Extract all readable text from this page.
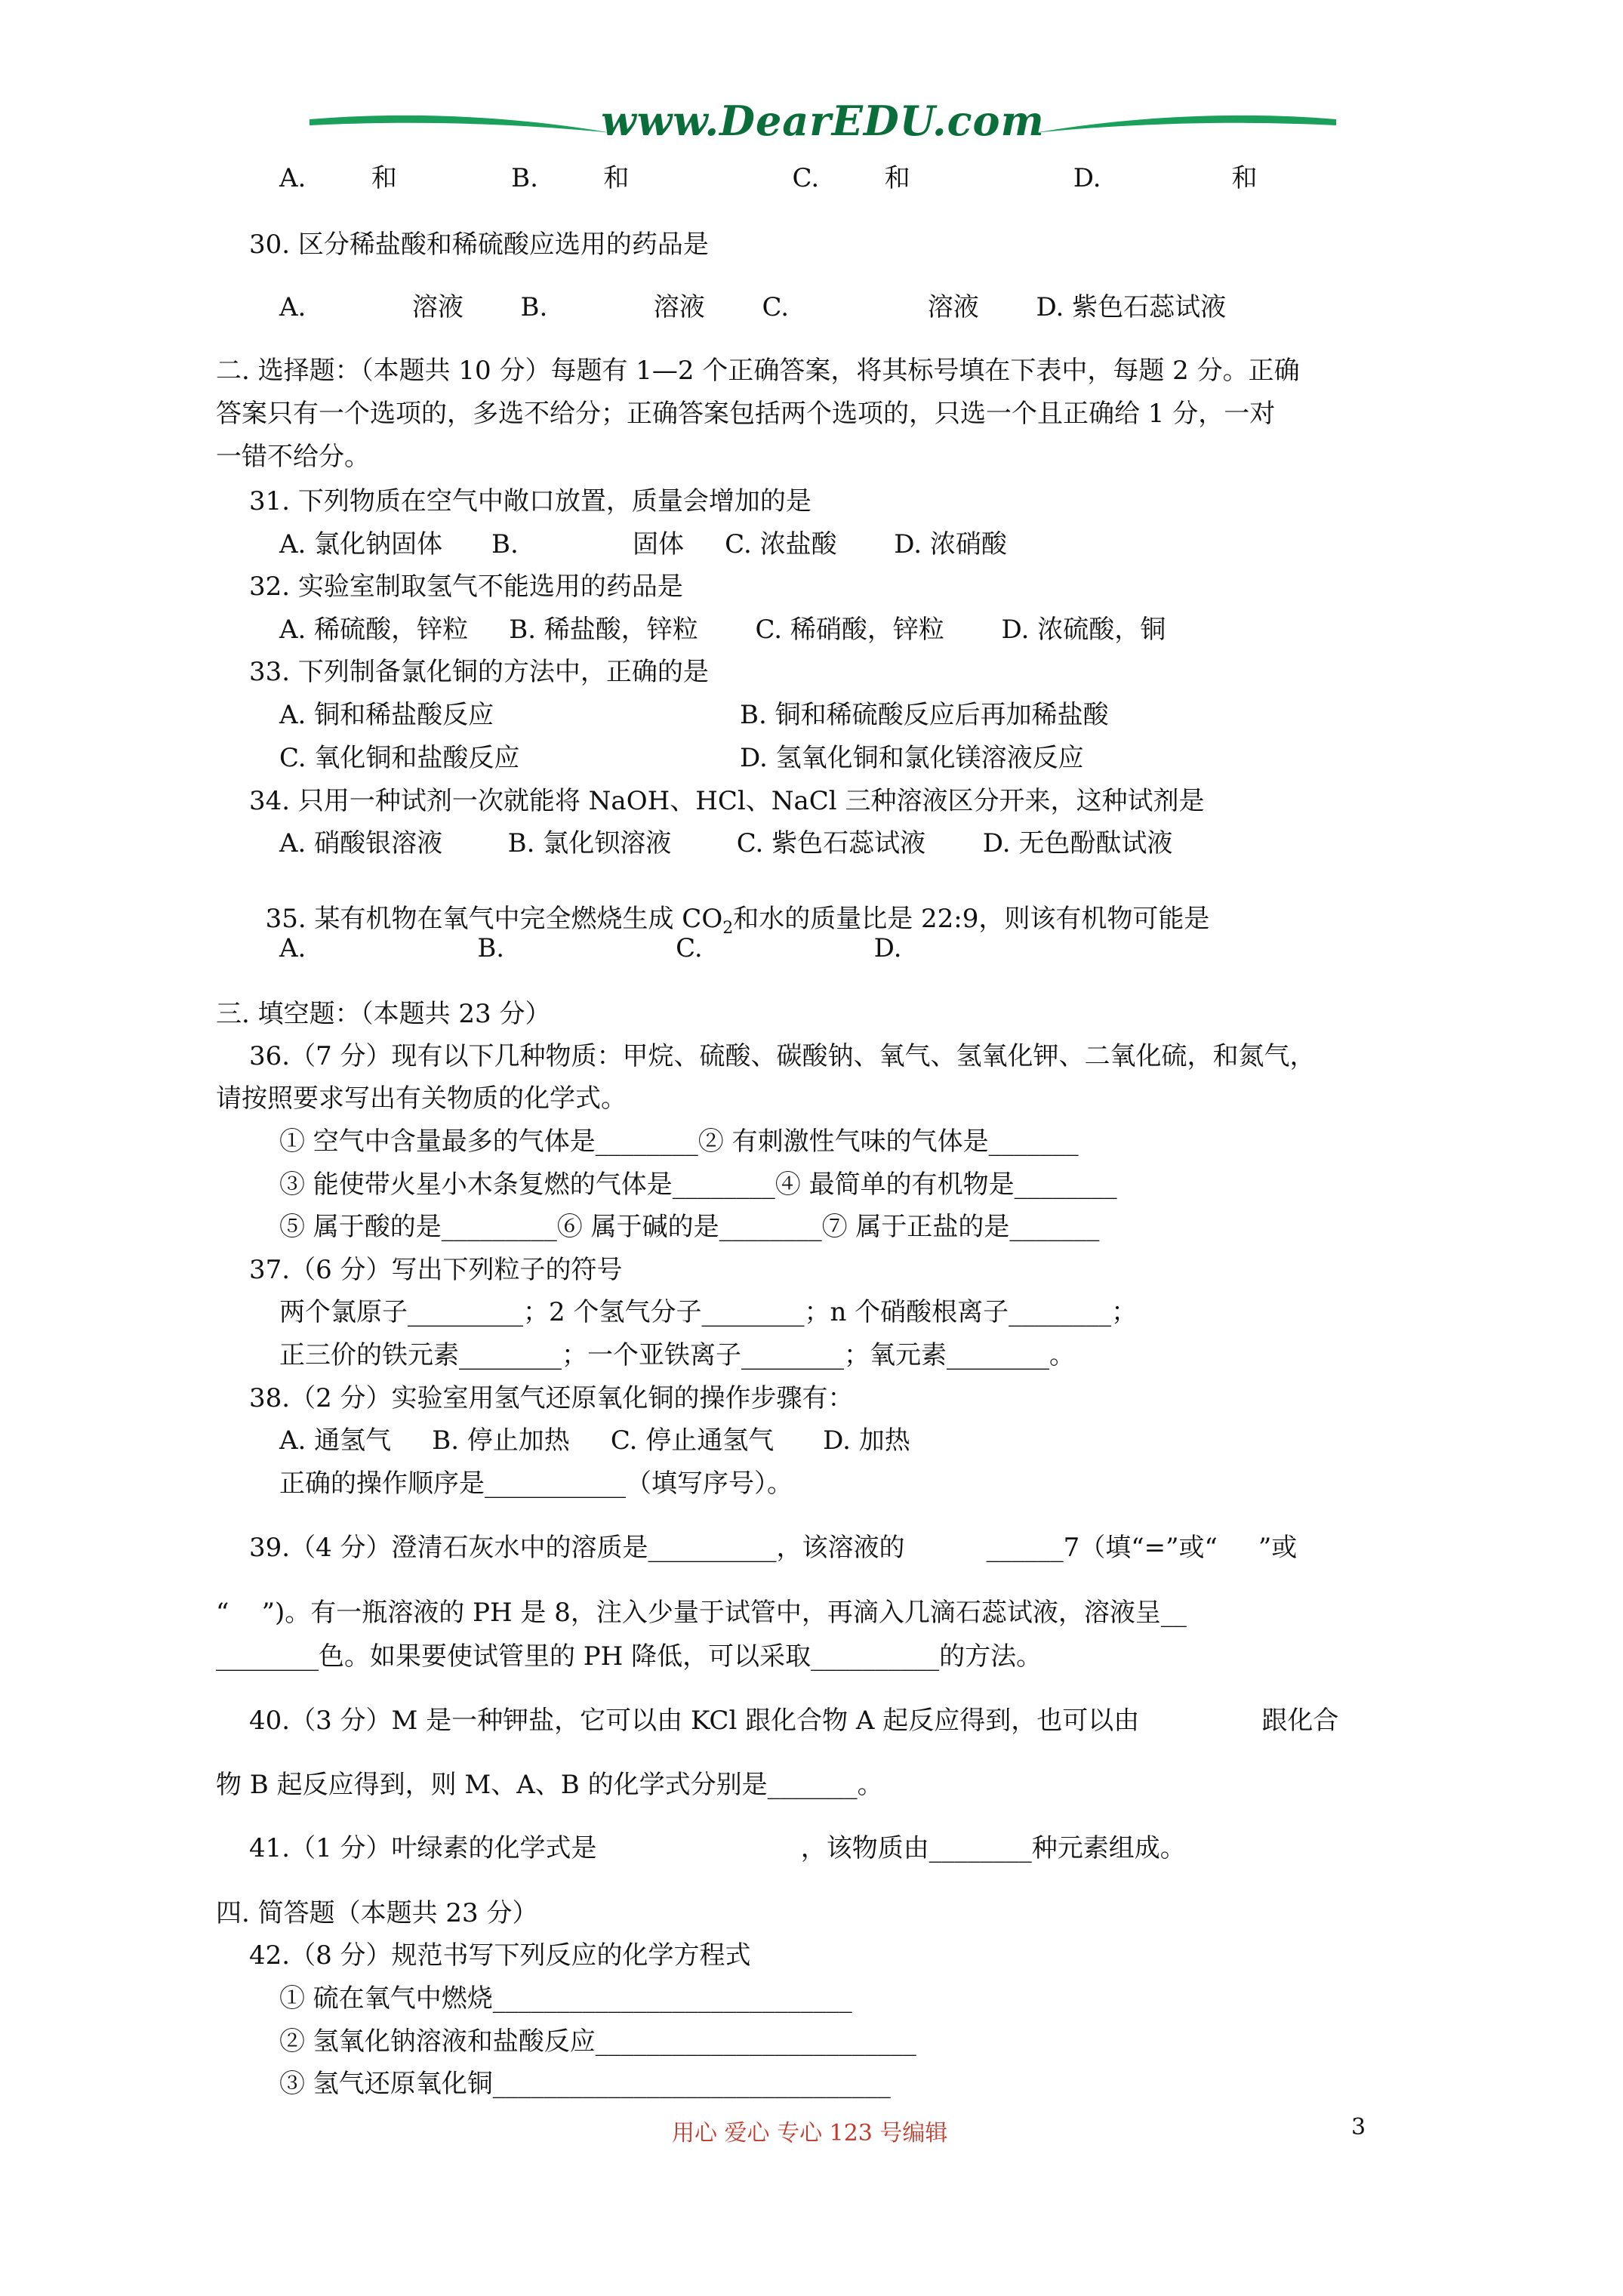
www.DearEDU.com
A.        和              B.        和                    C.        和                    D.                和
30. 区分稀盐酸和稀硫酸应选用的药品是
A.             溶液       B.             溶液       C.                 溶液       D. 紫色石蕊试液
二. 选择题：（本题共 10 分）每题有 1—2 个正确答案，将其标号填在下表中，每题 2 分。正确
答案只有一个选项的，多选不给分；正确答案包括两个选项的，只选一个且正确给 1 分，一对
一错不给分。
31. 下列物质在空气中敞口放置，质量会增加的是
A. 氯化钠固体      B.              固体     C. 浓盐酸       D. 浓硝酸
32. 实验室制取氢气不能选用的药品是
A. 稀硫酸，锌粒     B. 稀盐酸，锌粒       C. 稀硝酸，锌粒       D. 浓硫酸，铜
33. 下列制备氯化铜的方法中，正确的是
A. 铜和稀盐酸反应	B. 铜和稀硫酸反应后再加稀盐酸
C. 氧化铜和盐酸反应	D. 氢氧化铜和氯化镁溶液反应
34. 只用一种试剂一次就能将 NaOH、HCl、NaCl 三种溶液区分开来，这种试剂是
A. 硝酸银溶液        B. 氯化钡溶液        C. 紫色石蕊试液       D. 无色酚酞试液

35. 某有机物在氧气中完全燃烧生成 $CO_2$和水的质量比是 22:9，则该有机物可能是

A.                     B.                     C.                     D.
三. 填空题：（本题共 23 分）
36.（7 分）现有以下几种物质：甲烷、硫酸、碳酸钠、氧气、氢氧化钾、二氧化硫，和氮气，
请按照要求写出有关物质的化学式。
① 空气中含量最多的气体是________② 有刺激性气味的气体是_______
③ 能使带火星小木条复燃的气体是________④ 最简单的有机物是________
⑤ 属于酸的是_________⑥ 属于碱的是________⑦ 属于正盐的是_______
37.（6 分）写出下列粒子的符号
两个氯原子_________；2 个氢气分子________；n 个硝酸根离子________；
正三价的铁元素________；一个亚铁离子________；氧元素________。
38.（2 分）实验室用氢气还原氧化铜的操作步骤有：
A. 通氢气     B. 停止加热     C. 停止通氢气      D. 加热
正确的操作顺序是___________（填写序号）。
39.（4 分）澄清石灰水中的溶质是__________，该溶液的          ______7（填“=”或“     ”或
“    ”)。有一瓶溶液的 PH 是 8，注入少量于试管中，再滴入几滴石蕊试液，溶液呈__
________色。如果要使试管里的 PH 降低，可以采取__________的方法。
40.（3 分）M 是一种钾盐，它可以由 KCl 跟化合物 A 起反应得到，也可以由               跟化合
物 B 起反应得到，则 M、A、B 的化学式分别是_______。
41.（1 分）叶绿素的化学式是                         ，该物质由________种元素组成。
四. 简答题（本题共 23 分）
42.（8 分）规范书写下列反应的化学方程式
① 硫在氧气中燃烧____________________________
② 氢氧化钠溶液和盐酸反应_________________________
③ 氢气还原氧化铜_______________________________
用心 爱心 专心 123 号编辑	3
